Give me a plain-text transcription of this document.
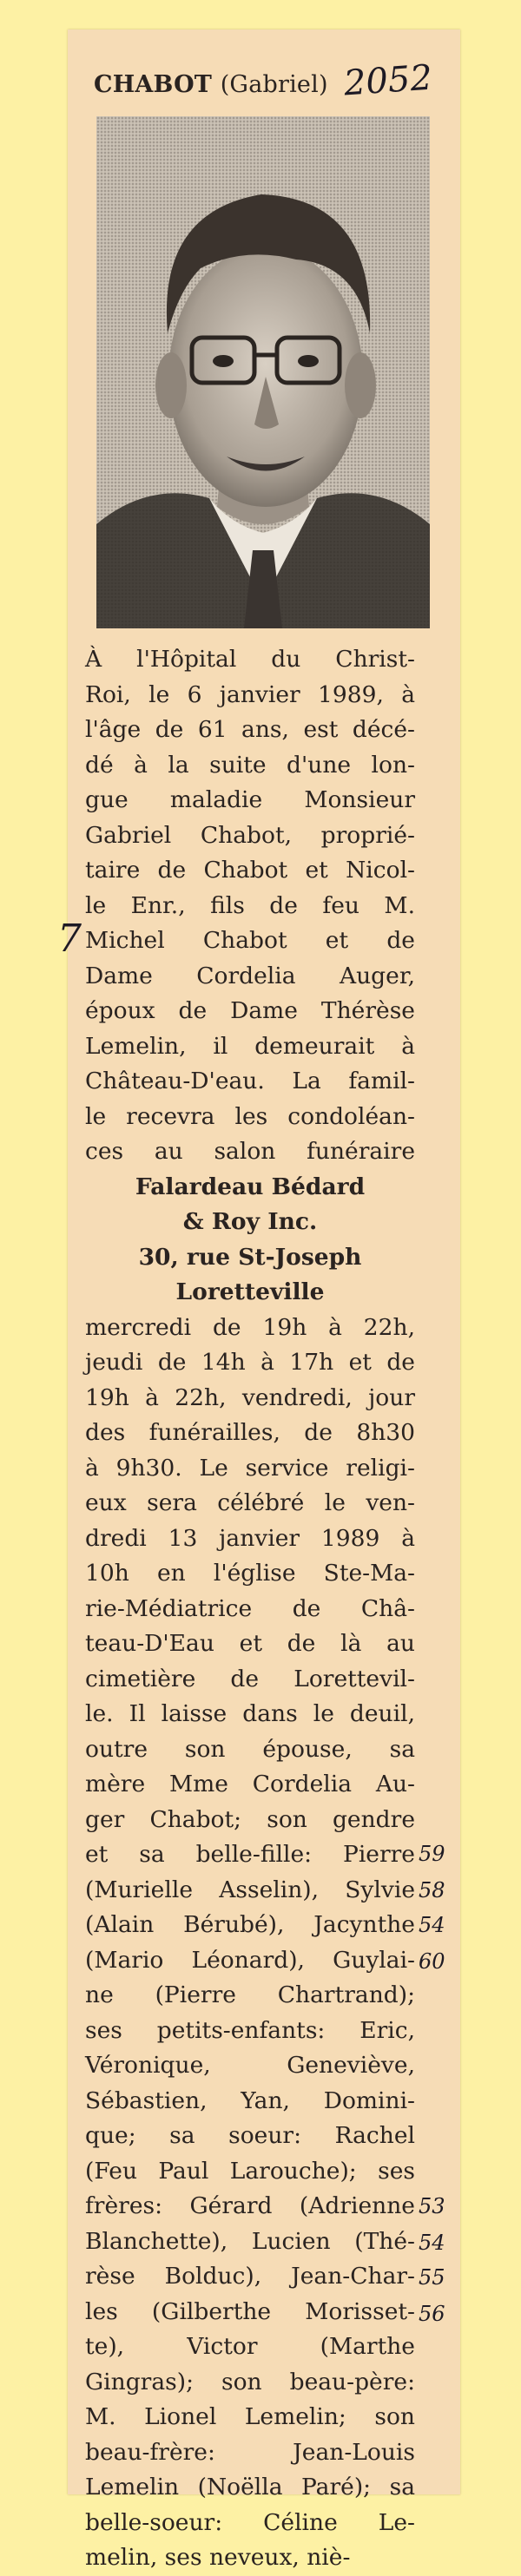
CHABOT (Gabriel) 2052
À l'Hôpital du Christ-
Roi, le 6 janvier 1989, à
l'âge de 61 ans, est décé-
dé à la suite d'une lon-
gue maladie Monsieur
Gabriel Chabot, proprié-
taire de Chabot et Nicol-
le Enr., fils de feu M.
Michel Chabot et de
Dame Cordelia Auger,
époux de Dame Thérèse
Lemelin, il demeurait à
Château-D'eau. La famil-
le recevra les condoléan-
ces au salon funéraire
Falardeau Bédard
& Roy Inc.
30, rue St-Joseph
Loretteville
mercredi de 19h à 22h,
jeudi de 14h à 17h et de
19h à 22h, vendredi, jour
des funérailles, de 8h30
à 9h30. Le service religi-
eux sera célébré le ven-
dredi 13 janvier 1989 à
10h en l'église Ste-Ma-
rie-Médiatrice de Châ-
teau-D'Eau et de là au
cimetière de Lorettevil-
le. Il laisse dans le deuil,
outre son épouse, sa
mère Mme Cordelia Au-
ger Chabot; son gendre
et sa belle-fille: Pierre
(Murielle Asselin), Sylvie
(Alain Bérubé), Jacynthe
(Mario Léonard), Guylai-
ne (Pierre Chartrand);
ses petits-enfants: Eric,
Véronique, Geneviève,
Sébastien, Yan, Domini-
que; sa soeur: Rachel
(Feu Paul Larouche); ses
frères: Gérard (Adrienne
Blanchette), Lucien (Thé-
rèse Bolduc), Jean-Char-
les (Gilberthe Morisset-
te), Victor (Marthe
Gingras); son beau-père:
M. Lionel Lemelin; son
beau-frère: Jean-Louis
Lemelin (Noëlla Paré); sa
belle-soeur: Céline Le-
melin, ses neveux, niè-
7
59
58
54
60
53
54
55
56
